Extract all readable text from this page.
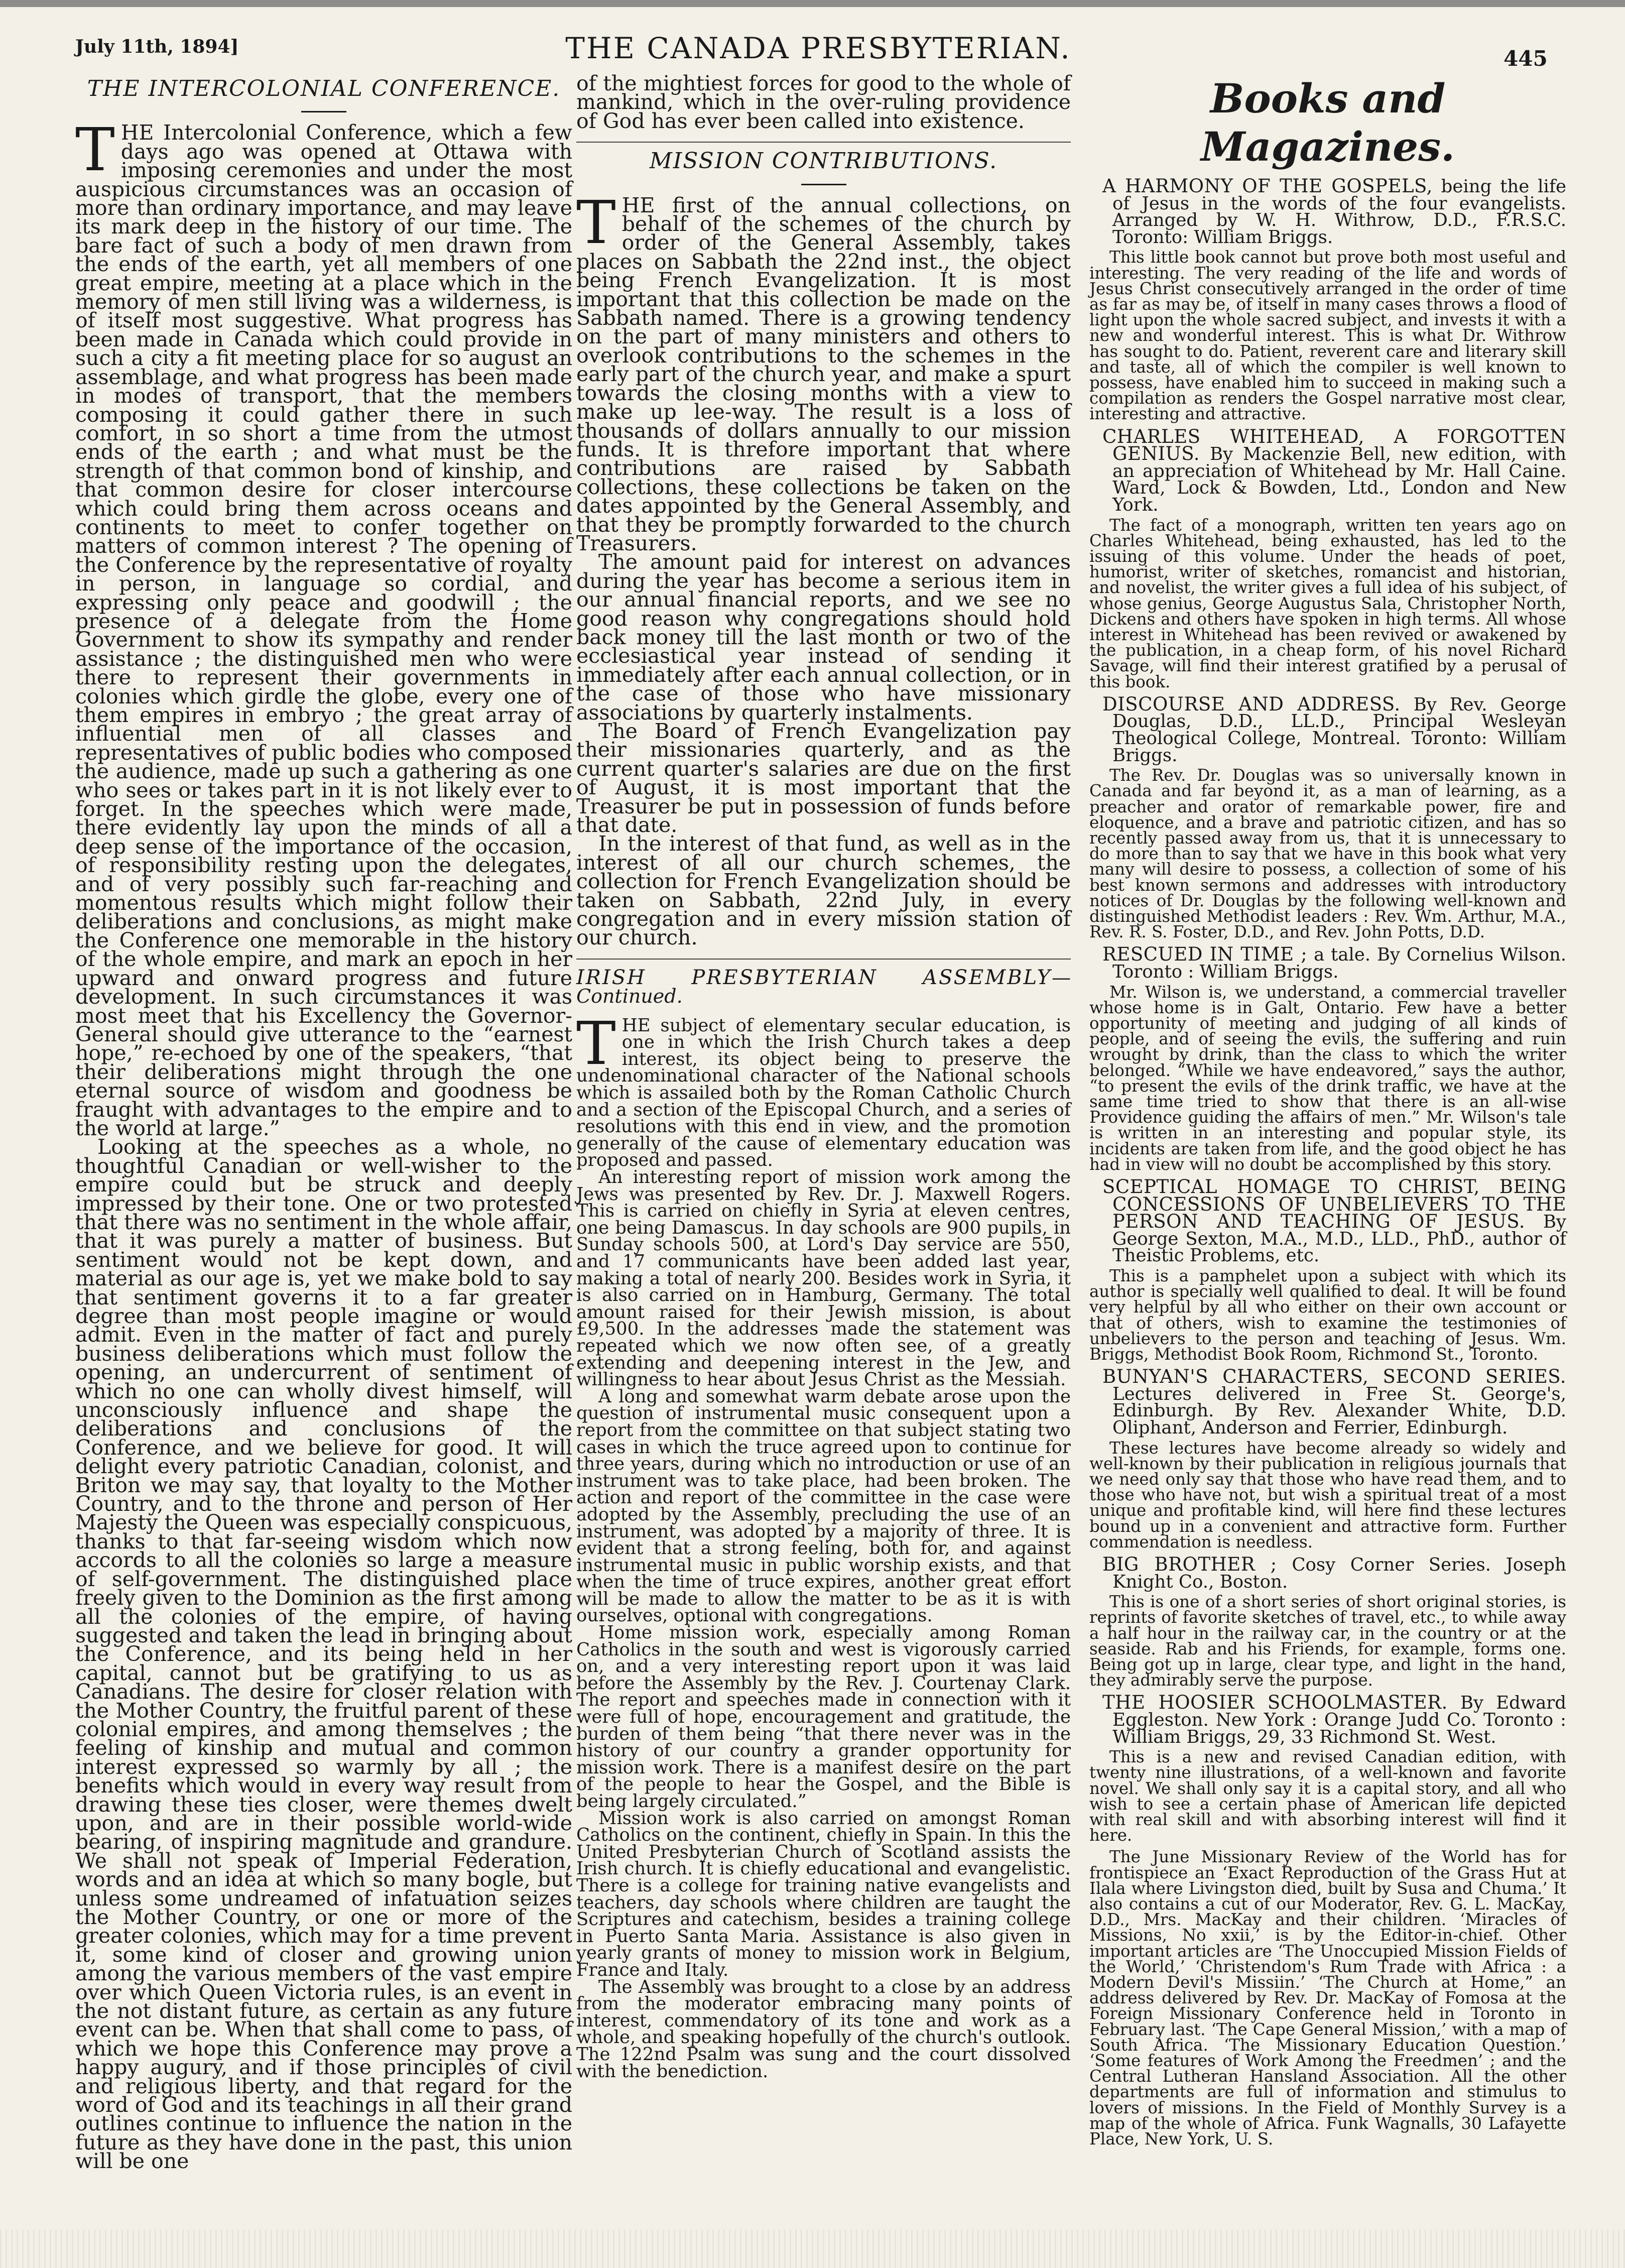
July 11th, 1894]	THE CANADA PRESBYTERIAN.	445
THE INTERCOLONIAL CONFERENCE.

THE Intercolonial Conference, which a few days ago was opened at Ottawa with imposing ceremonies and under the most auspicious circumstances was an occasion of more than ordinary importance, and may leave its mark deep in the history of our time. The bare fact of such a body of men drawn from the ends of the earth, yet all members of one great empire, meeting at a place which in the memory of men still living was a wilderness, is of itself most suggestive. What progress has been made in Canada which could provide in such a city a fit meeting place for so august an assemblage, and what progress has been made in modes of transport, that the members composing it could gather there in such comfort, in so short a time from the utmost ends of the earth ; and what must be the strength of that common bond of kinship, and that common desire for closer intercourse which could bring them across oceans and continents to meet to confer together on matters of common interest ? The opening of the Conference by the representative of royalty in person, in language so cordial, and expressing only peace and goodwill ; the presence of a delegate from the Home Government to show its sympathy and render assistance ; the distinguished men who were there to represent their governments in colonies which girdle the globe, every one of them empires in embryo ; the great array of influential men of all classes and representatives of public bodies who composed the audience, made up such a gathering as one who sees or takes part in it is not likely ever to forget. In the speeches which were made, there evidently lay upon the minds of all a deep sense of the importance of the occasion, of responsibility resting upon the delegates, and of very possibly such far-reaching and momentous results which might follow their deliberations and conclusions, as might make the Conference one memorable in the history of the whole empire, and mark an epoch in her upward and onward progress and future development. In such circumstances it was most meet that his Excellency the Governor-General should give utterance to the “earnest hope,” re-echoed by one of the speakers, “that their deliberations might through the one eternal source of wisdom and goodness be fraught with advantages to the empire and to the world at large.”

Looking at the speeches as a whole, no thoughtful Canadian or well-wisher to the empire could but be struck and deeply impressed by their tone. One or two protested that there was no sentiment in the whole affair, that it was purely a matter of business. But sentiment would not be kept down, and material as our age is, yet we make bold to say that sentiment governs it to a far greater degree than most people imagine or would admit. Even in the matter of fact and purely business deliberations which must follow the opening, an undercurrent of sentiment of which no one can wholly divest himself, will unconsciously influence and shape the deliberations and conclusions of the Conference, and we believe for good. It will delight every patriotic Canadian, colonist, and Briton we may say, that loyalty to the Mother Country, and to the throne and person of Her Majesty the Queen was especially conspicuous, thanks to that far-seeing wisdom which now accords to all the colonies so large a measure of self-government. The distinguished place freely given to the Dominion as the first among all the colonies of the empire, of having suggested and taken the lead in bringing about the Conference, and its being held in her capital, cannot but be gratifying to us as Canadians. The desire for closer relation with the Mother Country, the fruitful parent of these colonial empires, and among themselves ; the feeling of kinship and mutual and common interest expressed so warmly by all ; the benefits which would in every way result from drawing these ties closer, were themes dwelt upon, and are in their possible world-wide bearing, of inspiring magnitude and grandure. We shall not speak of Imperial Federation, words and an idea at which so many bogle, but unless some undreamed of infatuation seizes the Mother Country, or one or more of the greater colonies, which may for a time prevent it, some kind of closer and growing union among the various members of the vast empire over which Queen Victoria rules, is an event in the not distant future, as certain as any future event can be. When that shall come to pass, of which we hope this Conference may prove a happy augury, and if those principles of civil and religious liberty, and that regard for the word of God and its teachings in all their grand outlines continue to influence the nation in the future as they have done in the past, this union will be one

of the mightiest forces for good to the whole of mankind, which in the over-ruling providence of God has ever been called into existence.

MISSION CONTRIBUTIONS.

THE first of the annual collections, on behalf of the schemes of the church by order of the General Assembly, takes places on Sabbath the 22nd inst., the object being French Evangelization. It is most important that this collection be made on the Sabbath named. There is a growing tendency on the part of many ministers and others to overlook contributions to the schemes in the early part of the church year, and make a spurt towards the closing months with a view to make up lee-way. The result is a loss of thousands of dollars annually to our mission funds. It is threfore important that where contributions are raised by Sabbath collections, these collections be taken on the dates appointed by the General Assembly, and that they be promptly forwarded to the church Treasurers.

The amount paid for interest on advances during the year has become a serious item in our annual financial reports, and we see no good reason why congregations should hold back money till the last month or two of the ecclesiastical year instead of sending it immediately after each annual collection, or in the case of those who have missionary associations by quarterly instalments.

The Board of French Evangelization pay their missionaries quarterly, and as the current quarter's salaries are due on the first of August, it is most important that the Treasurer be put in possession of funds before that date.

In the interest of that fund, as well as in the interest of all our church schemes, the collection for French Evangelization should be taken on Sabbath, 22nd July, in every congregation and in every mission station of our church.

IRISH PRESBYTERIAN ASSEMBLY—Continued.

THE subject of elementary secular education, is one in which the Irish Church takes a deep interest, its object being to preserve the undenominational character of the National schools which is assailed both by the Roman Catholic Church and a section of the Episcopal Church, and a series of resolutions with this end in view, and the promotion generally of the cause of elementary education was proposed and passed.

An interesting report of mission work among the Jews was presented by Rev. Dr. J. Maxwell Rogers. This is carried on chiefly in Syria at eleven centres, one being Damascus. In day schools are 900 pupils, in Sunday schools 500, at Lord's Day service are 550, and 17 communicants have been added last year, making a total of nearly 200. Besides work in Syria, it is also carried on in Hamburg, Germany. The total amount raised for their Jewish mission, is about £9,500. In the addresses made the statement was repeated which we now often see, of a greatly extending and deepening interest in the Jew, and willingness to hear about Jesus Christ as the Messiah.

A long and somewhat warm debate arose upon the question of instrumental music consequent upon a report from the committee on that subject stating two cases in which the truce agreed upon to continue for three years, during which no introduction or use of an instrument was to take place, had been broken. The action and report of the committee in the case were adopted by the Assembly, precluding the use of an instrument, was adopted by a majority of three. It is evident that a strong feeling, both for, and against instrumental music in public worship exists, and that when the time of truce expires, another great effort will be made to allow the matter to be as it is with ourselves, optional with congregations.

Home mission work, especially among Roman Catholics in the south and west is vigorously carried on, and a very interesting report upon it was laid before the Assembly by the Rev. J. Courtenay Clark. The report and speeches made in connection with it were full of hope, encouragement and gratitude, the burden of them being “that there never was in the history of our country a grander opportunity for mission work. There is a manifest desire on the part of the people to hear the Gospel, and the Bible is being largely circulated.”

Mission work is also carried on amongst Roman Catholics on the continent, chiefly in Spain. In this the United Presbyterian Church of Scotland assists the Irish church. It is chiefly educational and evangelistic. There is a college for training native evangelists and teachers, day schools where children are taught the Scriptures and catechism, besides a training college in Puerto Santa Maria. Assistance is also given in yearly grants of money to mission work in Belgium, France and Italy.

The Assembly was brought to a close by an address from the moderator embracing many points of interest, commendatory of its tone and work as a whole, and speaking hopefully of the church's outlook. The 122nd Psalm was sung and the court dissolved with the benediction.

Books and Magazines.
A HARMONY OF THE GOSPELS, being the life of Jesus in the words of the four evangelists. Arranged by W. H. Withrow, D.D., F.R.S.C. Toronto: William Briggs.

This little book cannot but prove both most useful and interesting. The very reading of the life and words of Jesus Christ consecutively arranged in the order of time as far as may be, of itself in many cases throws a flood of light upon the whole sacred subject, and invests it with a new and wonderful interest. This is what Dr. Withrow has sought to do. Patient, reverent care and literary skill and taste, all of which the compiler is well known to possess, have enabled him to succeed in making such a compilation as renders the Gospel narrative most clear, interesting and attractive.

CHARLES WHITEHEAD, A FORGOTTEN GENIUS. By Mackenzie Bell, new edition, with an appreciation of Whitehead by Mr. Hall Caine. Ward, Lock & Bowden, Ltd., London and New York.

The fact of a monograph, written ten years ago on Charles Whitehead, being exhausted, has led to the issuing of this volume. Under the heads of poet, humorist, writer of sketches, romancist and historian, and novelist, the writer gives a full idea of his subject, of whose genius, George Augustus Sala, Christopher North, Dickens and others have spoken in high terms. All whose interest in Whitehead has been revived or awakened by the publication, in a cheap form, of his novel Richard Savage, will find their interest gratified by a perusal of this book.

DISCOURSE AND ADDRESS. By Rev. George Douglas, D.D., LL.D., Principal Wesleyan Theological College, Montreal. Toronto: William Briggs.

The Rev. Dr. Douglas was so universally known in Canada and far beyond it, as a man of learning, as a preacher and orator of remarkable power, fire and eloquence, and a brave and patriotic citizen, and has so recently passed away from us, that it is unnecessary to do more than to say that we have in this book what very many will desire to possess, a collection of some of his best known sermons and addresses with introductory notices of Dr. Douglas by the following well-known and distinguished Methodist leaders : Rev. Wm. Arthur, M.A., Rev. R. S. Foster, D.D., and Rev. John Potts, D.D.

RESCUED IN TIME ; a tale. By Cornelius Wilson. Toronto : William Briggs.

Mr. Wilson is, we understand, a commercial traveller whose home is in Galt, Ontario. Few have a better opportunity of meeting and judging of all kinds of people, and of seeing the evils, the suffering and ruin wrought by drink, than the class to which the writer belonged. “While we have endeavored,” says the author, “to present the evils of the drink traffic, we have at the same time tried to show that there is an all-wise Providence guiding the affairs of men.” Mr. Wilson's tale is written in an interesting and popular style, its incidents are taken from life, and the good object he has had in view will no doubt be accomplished by this story.

SCEPTICAL HOMAGE TO CHRIST, BEING CONCESSIONS OF UNBELIEVERS TO THE PERSON AND TEACHING OF JESUS. By George Sexton, M.A., M.D., LLD., PhD., author of Theistic Problems, etc.

This is a pamphelet upon a subject with which its author is specially well qualified to deal. It will be found very helpful by all who either on their own account or that of others, wish to examine the testimonies of unbelievers to the person and teaching of Jesus. Wm. Briggs, Methodist Book Room, Richmond St., Toronto.

BUNYAN'S CHARACTERS, SECOND SERIES. Lectures delivered in Free St. George's, Edinburgh. By Rev. Alexander White, D.D. Oliphant, Anderson and Ferrier, Edinburgh.

These lectures have become already so widely and well-known by their publication in religious journals that we need only say that those who have read them, and to those who have not, but wish a spiritual treat of a most unique and profitable kind, will here find these lectures bound up in a convenient and attractive form. Further commendation is needless.

BIG BROTHER ; Cosy Corner Series. Joseph Knight Co., Boston.

This is one of a short series of short original stories, is reprints of favorite sketches of travel, etc., to while away a half hour in the railway car, in the country or at the seaside. Rab and his Friends, for example, forms one. Being got up in large, clear type, and light in the hand, they admirably serve the purpose.

THE HOOSIER SCHOOLMASTER. By Edward Eggleston. New York : Orange Judd Co. Toronto : William Briggs, 29, 33 Richmond St. West.

This is a new and revised Canadian edition, with twenty nine illustrations, of a well-known and favorite novel. We shall only say it is a capital story, and all who wish to see a certain phase of American life depicted with real skill and with absorbing interest will find it here.

The June Missionary Review of the World has for frontispiece an ‘Exact Reproduction of the Grass Hut at Ilala where Livingston died, built by Susa and Chuma.’ It also contains a cut of our Moderator, Rev. G. L. MacKay, D.D., Mrs. MacKay and their children. ‘Miracles of Missions, No xxii,’ is by the Editor-in-chief. Other important articles are ‘The Unoccupied Mission Fields of the World,’ ‘Christendom's Rum Trade with Africa : a Modern Devil's Missiin.’ ‘The Church at Home,” an address delivered by Rev. Dr. MacKay of Fomosa at the Foreign Missionary Conference held in Toronto in February last. ‘The Cape General Mission,’ with a map of South Africa. ‘The Missionary Education Question.’ ‘Some features of Work Among the Freedmen’ ; and the Central Lutheran Hansland Association. All the other departments are full of information and stimulus to lovers of missions. In the Field of Monthly Survey is a map of the whole of Africa. Funk Wagnalls, 30 Lafayette Place, New York, U. S.
